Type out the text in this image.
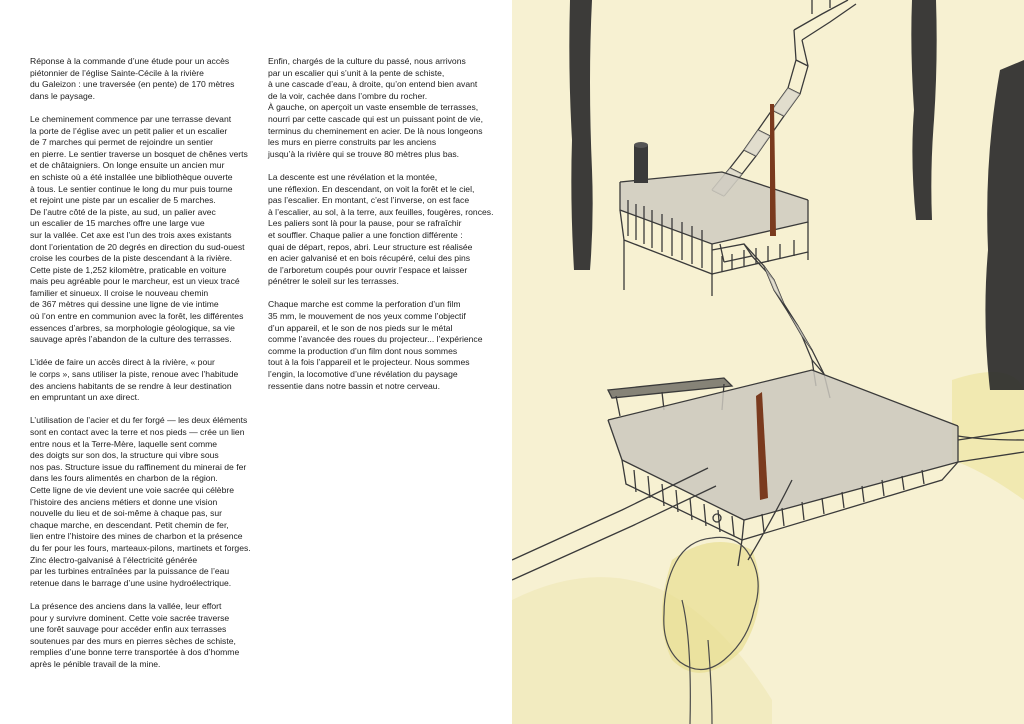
Réponse à la commande d’une étude pour un accès
piétonnier de l’église Sainte-Cécile à la rivière
du Galeizon : une traversée (en pente) de 170 mètres
dans le paysage.

Le cheminement commence par une terrasse devant
la porte de l’église avec un petit palier et un escalier
de 7 marches qui permet de rejoindre un sentier
en pierre. Le sentier traverse un bosquet de chênes verts
et de châtaigniers. On longe ensuite un ancien mur
en schiste où a été installée une bibliothèque ouverte
à tous. Le sentier continue le long du mur puis tourne
et rejoint une piste par un escalier de 5 marches.
De l’autre côté de la piste, au sud, un palier avec
un escalier de 15 marches offre une large vue
sur la vallée. Cet axe est l’un des trois axes existants
dont l’orientation de 20 degrés en direction du sud-ouest
croise les courbes de la piste descendant à la rivière.
Cette piste de 1,252 kilomètre, praticable en voiture
mais peu agréable pour le marcheur, est un vieux tracé
familier et sinueux. Il croise le nouveau chemin
de 367 mètres qui dessine une ligne de vie intime
où l’on entre en communion avec la forêt, les différentes
essences d’arbres, sa morphologie géologique, sa vie
sauvage après l’abandon de la culture des terrasses.

L’idée de faire un accès direct à la rivière, « pour
le corps », sans utiliser la piste, renoue avec l’habitude
des anciens habitants de se rendre à leur destination
en empruntant un axe direct.

L’utilisation de l’acier et du fer forgé — les deux éléments
sont en contact avec la terre et nos pieds — crée un lien
entre nous et la Terre-Mère, laquelle sent comme
des doigts sur son dos, la structure qui vibre sous
nos pas. Structure issue du raffinement du minerai de fer
dans les fours alimentés en charbon de la région.
Cette ligne de vie devient une voie sacrée qui célèbre
l’histoire des anciens métiers et donne une vision
nouvelle du lieu et de soi-même à chaque pas, sur
chaque marche, en descendant. Petit chemin de fer,
lien entre l’histoire des mines de charbon et la présence
du fer pour les fours, marteaux-pilons, martinets et forges.
Zinc électro-galvanisé à l’électricité générée
par les turbines entraînées par la puissance de l’eau
retenue dans le barrage d’une usine hydroélectrique.

La présence des anciens dans la vallée, leur effort
pour y survivre dominent. Cette voie sacrée traverse
une forêt sauvage pour accéder enfin aux terrasses
soutenues par des murs en pierres sèches de schiste,
remplies d’une bonne terre transportée à dos d’homme
après le pénible travail de la mine.

Enfin, chargés de la culture du passé, nous arrivons
par un escalier qui s’unit à la pente de schiste,
à une cascade d’eau, à droite, qu’on entend bien avant
de la voir, cachée dans l’ombre du rocher.
À gauche, on aperçoit un vaste ensemble de terrasses,
nourri par cette cascade qui est un puissant point de vie,
terminus du cheminement en acier. De là nous longeons
les murs en pierre construits par les anciens
jusqu’à la rivière qui se trouve 80 mètres plus bas.

La descente est une révélation et la montée,
une réflexion. En descendant, on voit la forêt et le ciel,
pas l’escalier. En montant, c’est l’inverse, on est face
à l’escalier, au sol, à la terre, aux feuilles, fougères, ronces.
Les paliers sont là pour la pause, pour se rafraîchir
et souffler. Chaque palier a une fonction différente :
quai de départ, repos, abri. Leur structure est réalisée
en acier galvanisé et en bois récupéré, celui des pins
de l’arboretum coupés pour ouvrir l’espace et laisser
pénétrer le soleil sur les terrasses.

Chaque marche est comme la perforation d’un film
35 mm, le mouvement de nos yeux comme l’objectif
d’un appareil, et le son de nos pieds sur le métal
comme l’avancée des roues du projecteur... l’expérience
comme la production d’un film dont nous sommes
tout à la fois l’appareil et le projecteur. Nous sommes
l’engin, la locomotive d’une révélation du paysage
ressentie dans notre bassin et notre cerveau.
